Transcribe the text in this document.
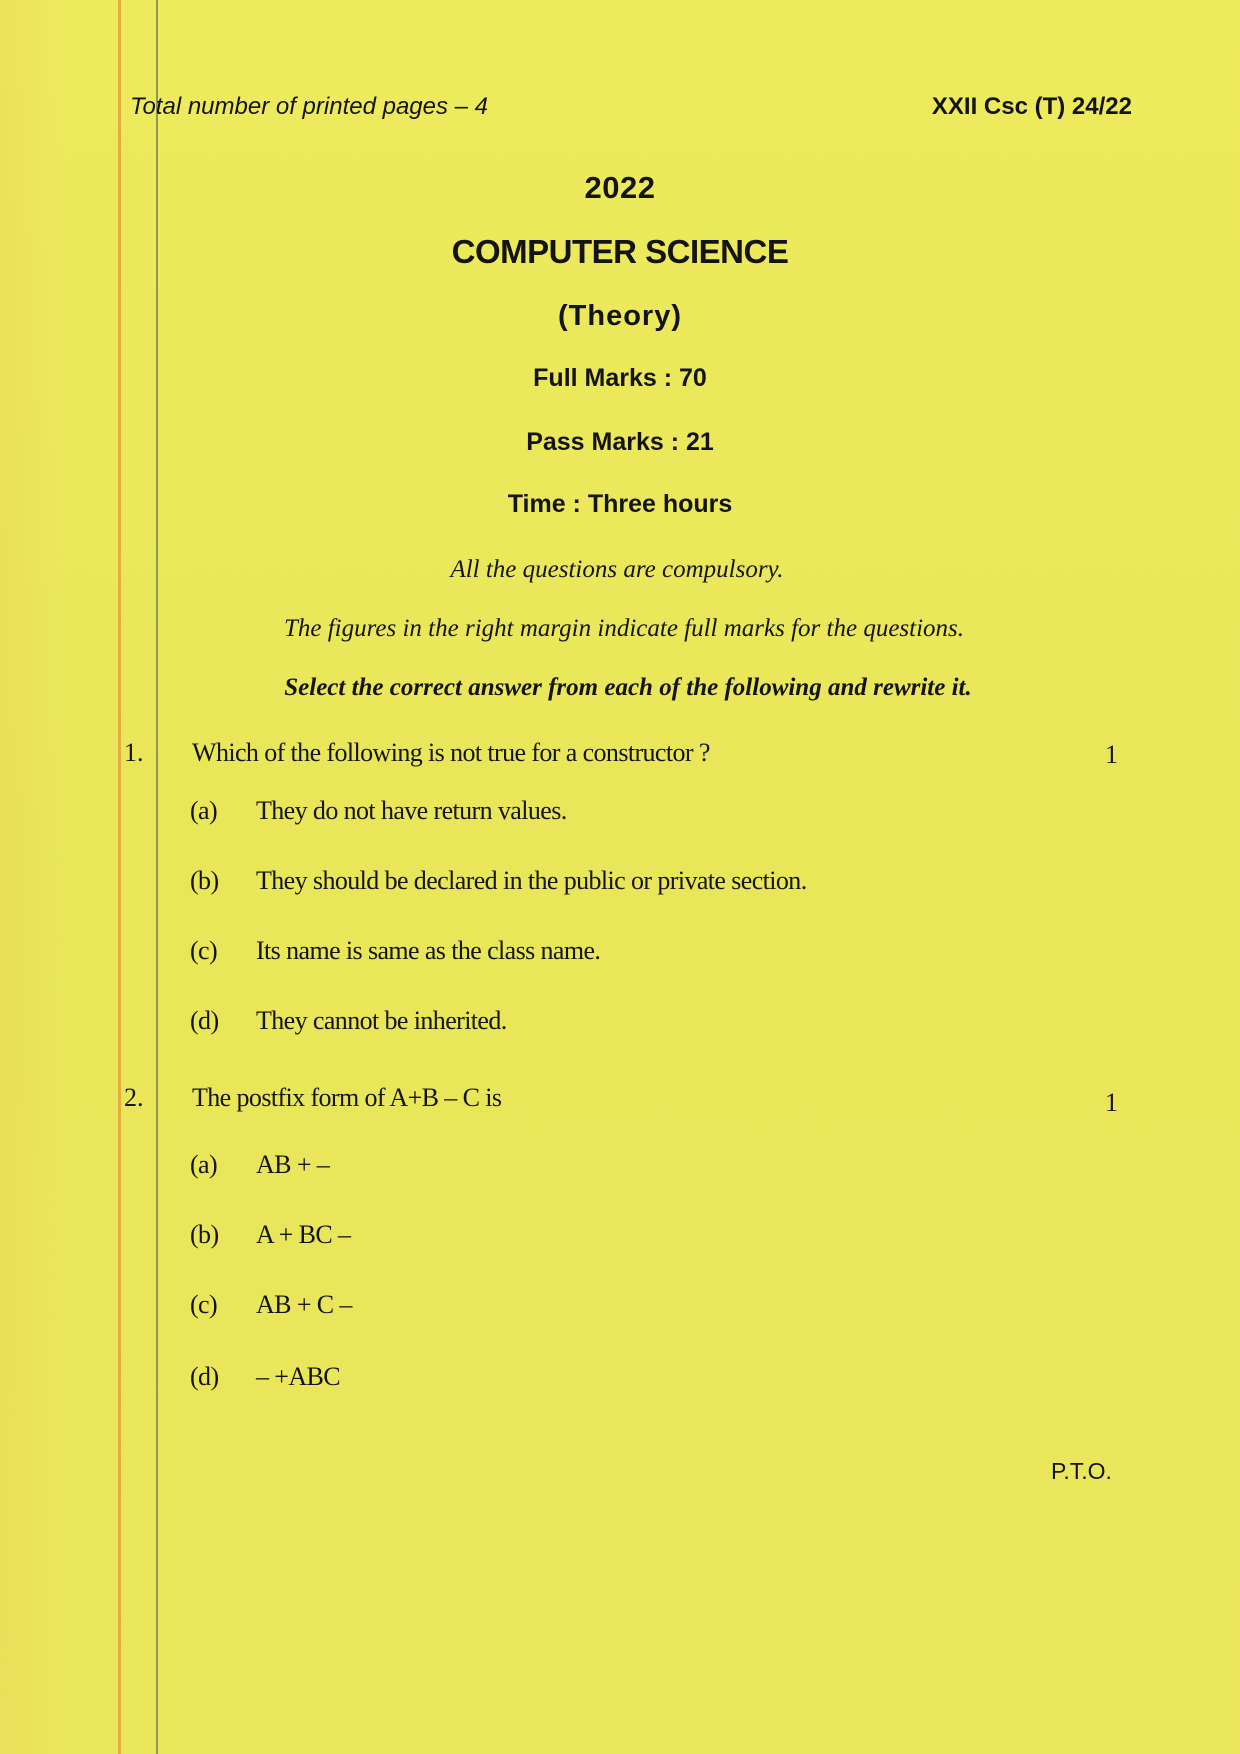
Total number of printed pages – 4	XXII Csc (T) 24/22
2022
COMPUTER SCIENCE
(Theory)
Full Marks : 70
Pass Marks : 21
Time : Three hours
All the questions are compulsory.
The figures in the right margin indicate full marks for the questions.
Select the correct answer from each of the following and rewrite it.
1. Which of the following is not true for a constructor ?	1
(a) They do not have return values.
(b) They should be declared in the public or private section.
(c) Its name is same as the class name.
(d) They cannot be inherited.
2. The postfix form of A+B – C is	1
(a) AB + –
(b) A + BC –
(c) AB + C –
(d) – +ABC
P.T.O.
